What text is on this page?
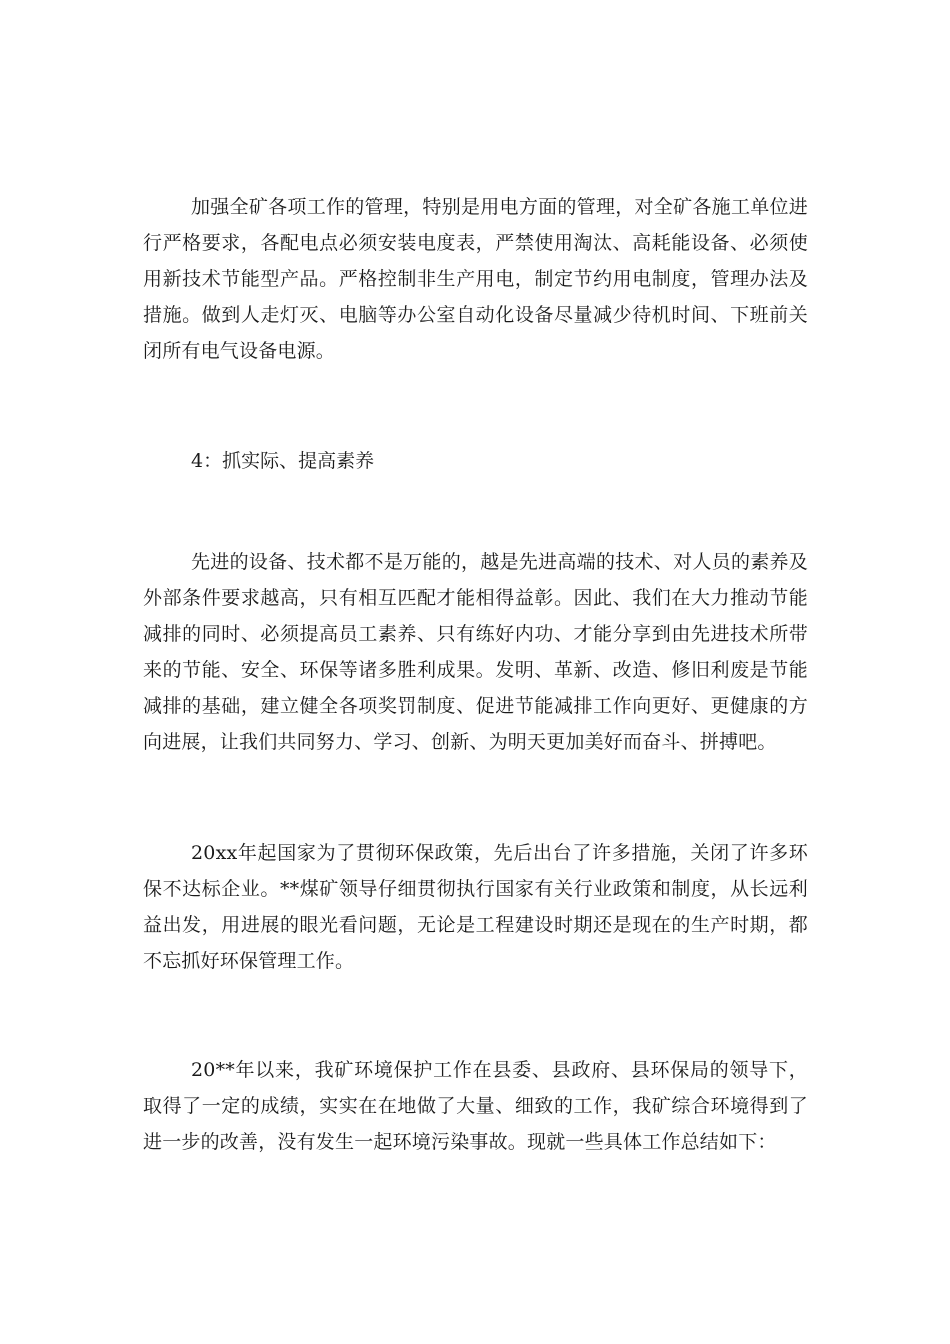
加强全矿各项工作的管理，特别是用电方面的管理，对全矿各施工单位进行严格要求，各配电点必须安装电度表，严禁使用淘汰、高耗能设备、必须使用新技术节能型产品。严格控制非生产用电，制定节约用电制度，管理办法及措施。做到人走灯灭、电脑等办公室自动化设备尽量减少待机时间、下班前关闭所有电气设备电源。

4：抓实际、提高素养

先进的设备、技术都不是万能的，越是先进高端的技术、对人员的素养及外部条件要求越高，只有相互匹配才能相得益彰。因此、我们在大力推动节能减排的同时、必须提高员工素养、只有练好内功、才能分享到由先进技术所带来的节能、安全、环保等诸多胜利成果。发明、革新、改造、修旧利废是节能减排的基础，建立健全各项奖罚制度、促进节能减排工作向更好、更健康的方向进展，让我们共同努力、学习、创新、为明天更加美好而奋斗、拼搏吧。

20xx年起国家为了贯彻环保政策，先后出台了许多措施，关闭了许多环保不达标企业。**煤矿领导仔细贯彻执行国家有关行业政策和制度，从长远利益出发，用进展的眼光看问题，无论是工程建设时期还是现在的生产时期，都不忘抓好环保管理工作。

20**年以来，我矿环境保护工作在县委、县政府、县环保局的领导下，取得了一定的成绩，实实在在地做了大量、细致的工作，我矿综合环境得到了进一步的改善，没有发生一起环境污染事故。现就一些具体工作总结如下：
